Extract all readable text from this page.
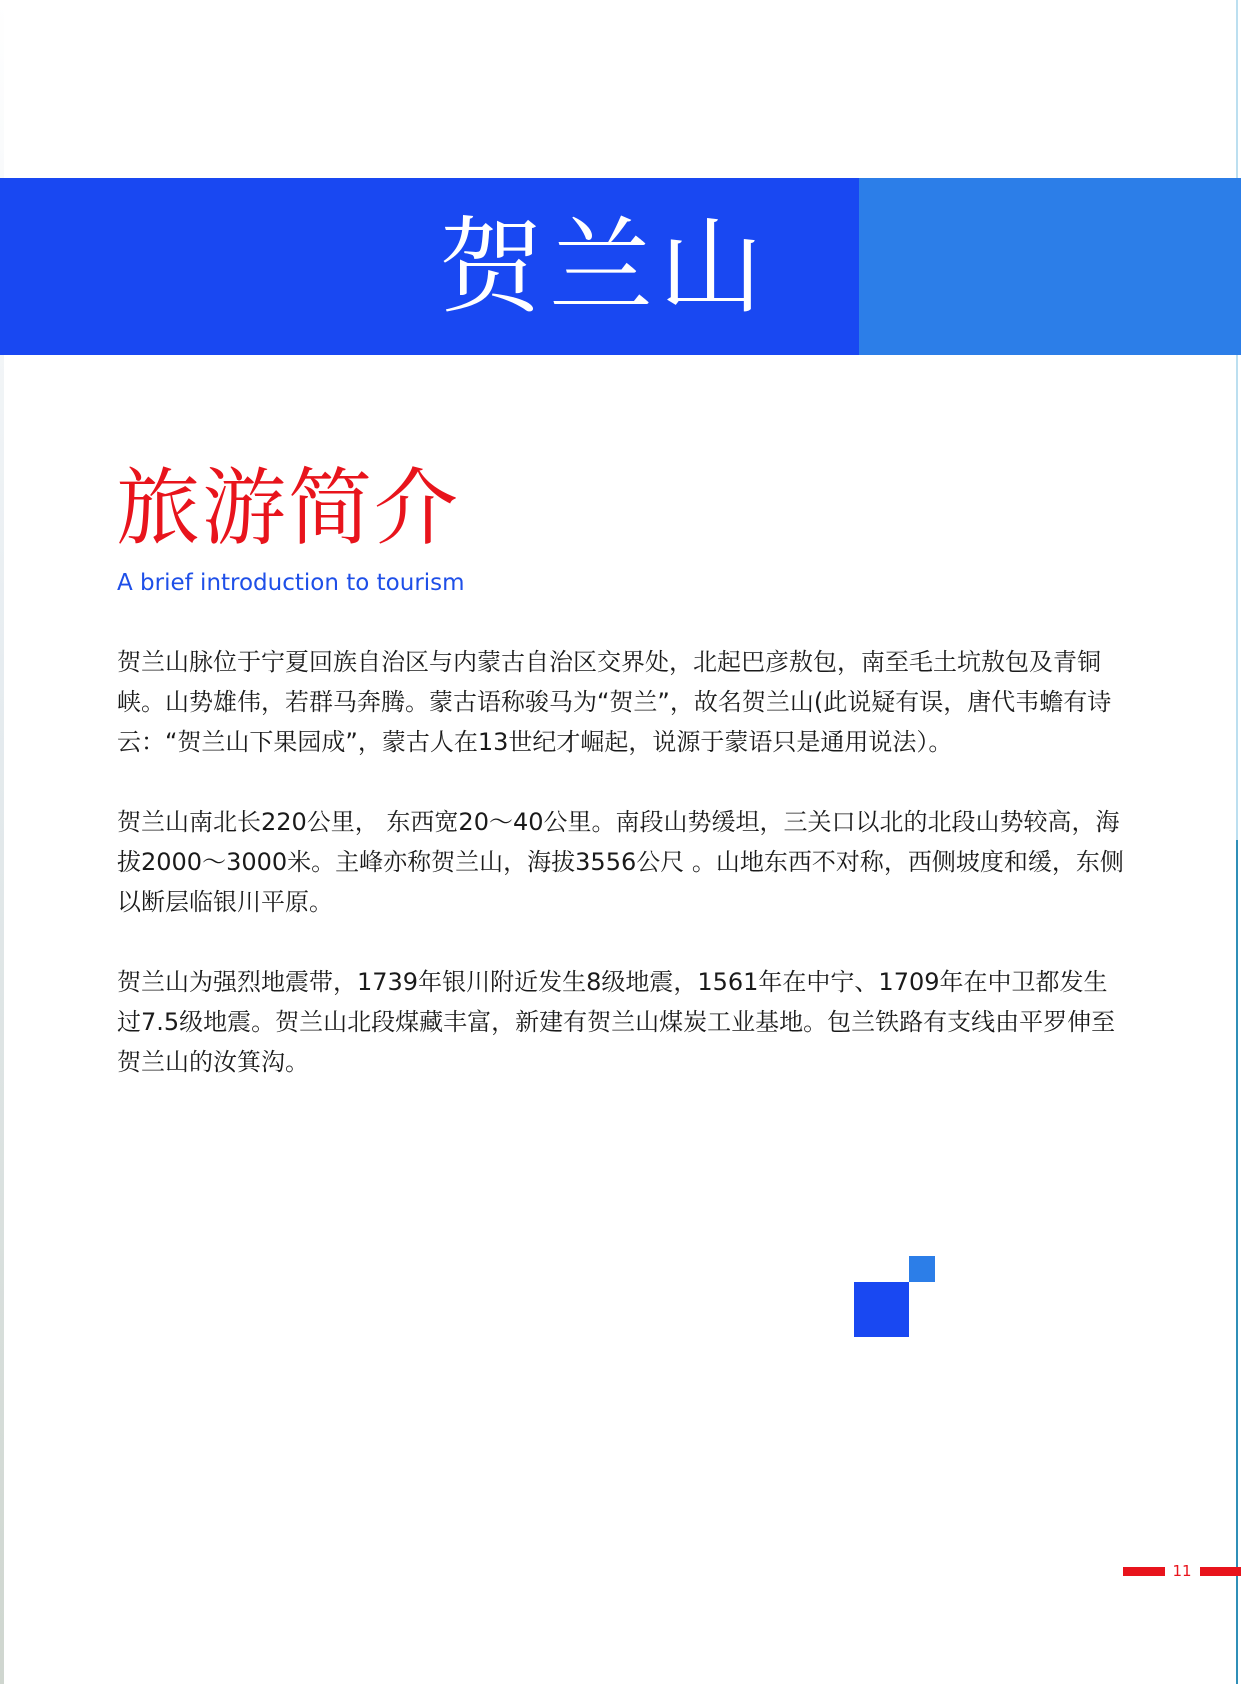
贺兰山
旅游简介
A brief introduction to tourism

贺兰山脉位于宁夏回族自治区与内蒙古自治区交界处，北起巴彦敖包，南至毛土坑敖包及青铜峡。山势雄伟，若群马奔腾。蒙古语称骏马为“贺兰”，故名贺兰山(此说疑有误，唐代韦蟾有诗云：“贺兰山下果园成”，蒙古人在13世纪才崛起，说源于蒙语只是通用说法）。

贺兰山南北长220公里， 东西宽20～40公里。南段山势缓坦，三关口以北的北段山势较高，海拔2000～3000米。主峰亦称贺兰山，海拔3556公尺 。山地东西不对称，西侧坡度和缓，东侧以断层临银川平原。

贺兰山为强烈地震带，1739年银川附近发生8级地震，1561年在中宁、1709年在中卫都发生过7.5级地震。贺兰山北段煤藏丰富，新建有贺兰山煤炭工业基地。包兰铁路有支线由平罗伸至贺兰山的汝箕沟。

11
